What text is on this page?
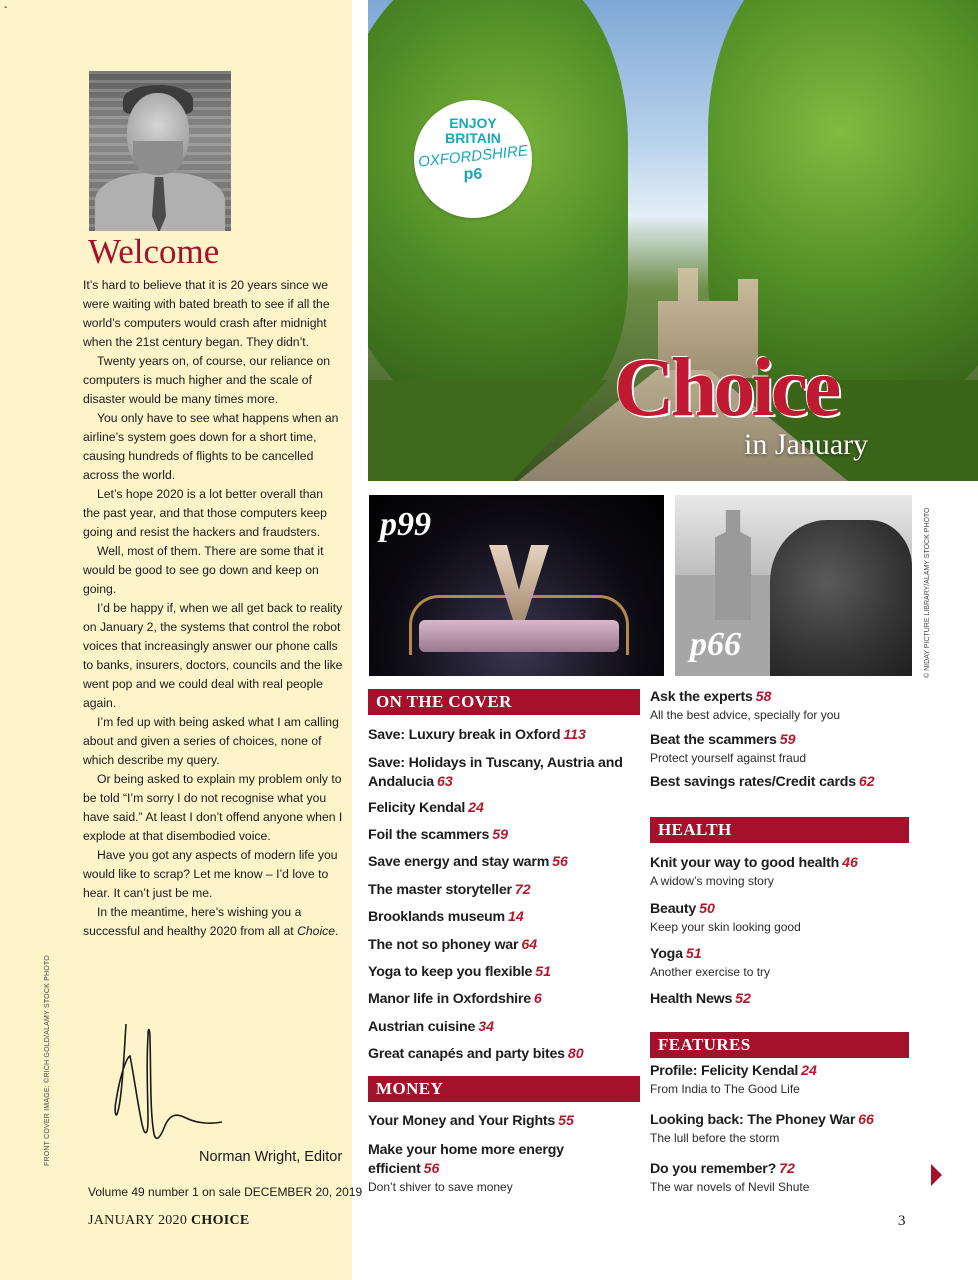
-
Welcome

It’s hard to believe that it is 20 years since we were waiting with bated breath to see if all the world’s computers would crash after midnight when the 21st century began. They didn’t.

Twenty years on, of course, our reliance on computers is much higher and the scale of disaster would be many times more.

You only have to see what happens when an airline’s system goes down for a short time, causing hundreds of flights to be cancelled across the world.

Let’s hope 2020 is a lot better overall than the past year, and that those computers keep going and resist the hackers and fraudsters.

Well, most of them. There are some that it would be good to see go down and keep on going.

I’d be happy if, when we all get back to reality on January 2, the systems that control the robot voices that increasingly answer our phone calls to banks, insurers, doctors, councils and the like went pop and we could deal with real people again.

I’m fed up with being asked what I am calling about and given a series of choices, none of which describe my query.

Or being asked to explain my problem only to be told “I’m sorry I do not recognise what you have said.” At least I don’t offend anyone when I explode at that disembodied voice.

Have you got any aspects of modern life you would like to scrap? Let me know – I’d love to hear. It can’t just be me.

In the meantime, here’s wishing you a successful and healthy 2020 from all at Choice.

FRONT COVER IMAGE: ©RICH GOLD/ALAMY STOCK PHOTO	Norman Wright, Editor
Volume 49 number 1 on sale DECEMBER 20, 2019
JANUARY 2020 CHOICE
ENJOY
BRITAIN
OXFORDSHIRE
p6
Choice
in January
p99
p66	© NIDAY PICTURE LIBRARY/ALAMY STOCK PHOTO
ON THE COVER
Save: Luxury break in Oxford 113
Save: Holidays in Tuscany, Austria and
Andalucia 63
Felicity Kendal 24
Foil the scammers 59
Save energy and stay warm 56
The master storyteller 72
Brooklands museum 14
The not so phoney war 64
Yoga to keep you flexible 51
Manor life in Oxfordshire 6
Austrian cuisine 34
Great canapés and party bites 80
MONEY
Your Money and Your Rights 55
Make your home more energy
efficient 56
Don’t shiver to save money
Ask the experts 58
All the best advice, specially for you
Beat the scammers 59
Protect yourself against fraud
Best savings rates/Credit cards 62
HEALTH
Knit your way to good health 46
A widow’s moving story
Beauty 50
Keep your skin looking good
Yoga 51
Another exercise to try
Health News 52
FEATURES
Profile: Felicity Kendal 24
From India to The Good Life
Looking back: The Phoney War 66
The lull before the storm
Do you remember? 72
The war novels of Nevil Shute
3
